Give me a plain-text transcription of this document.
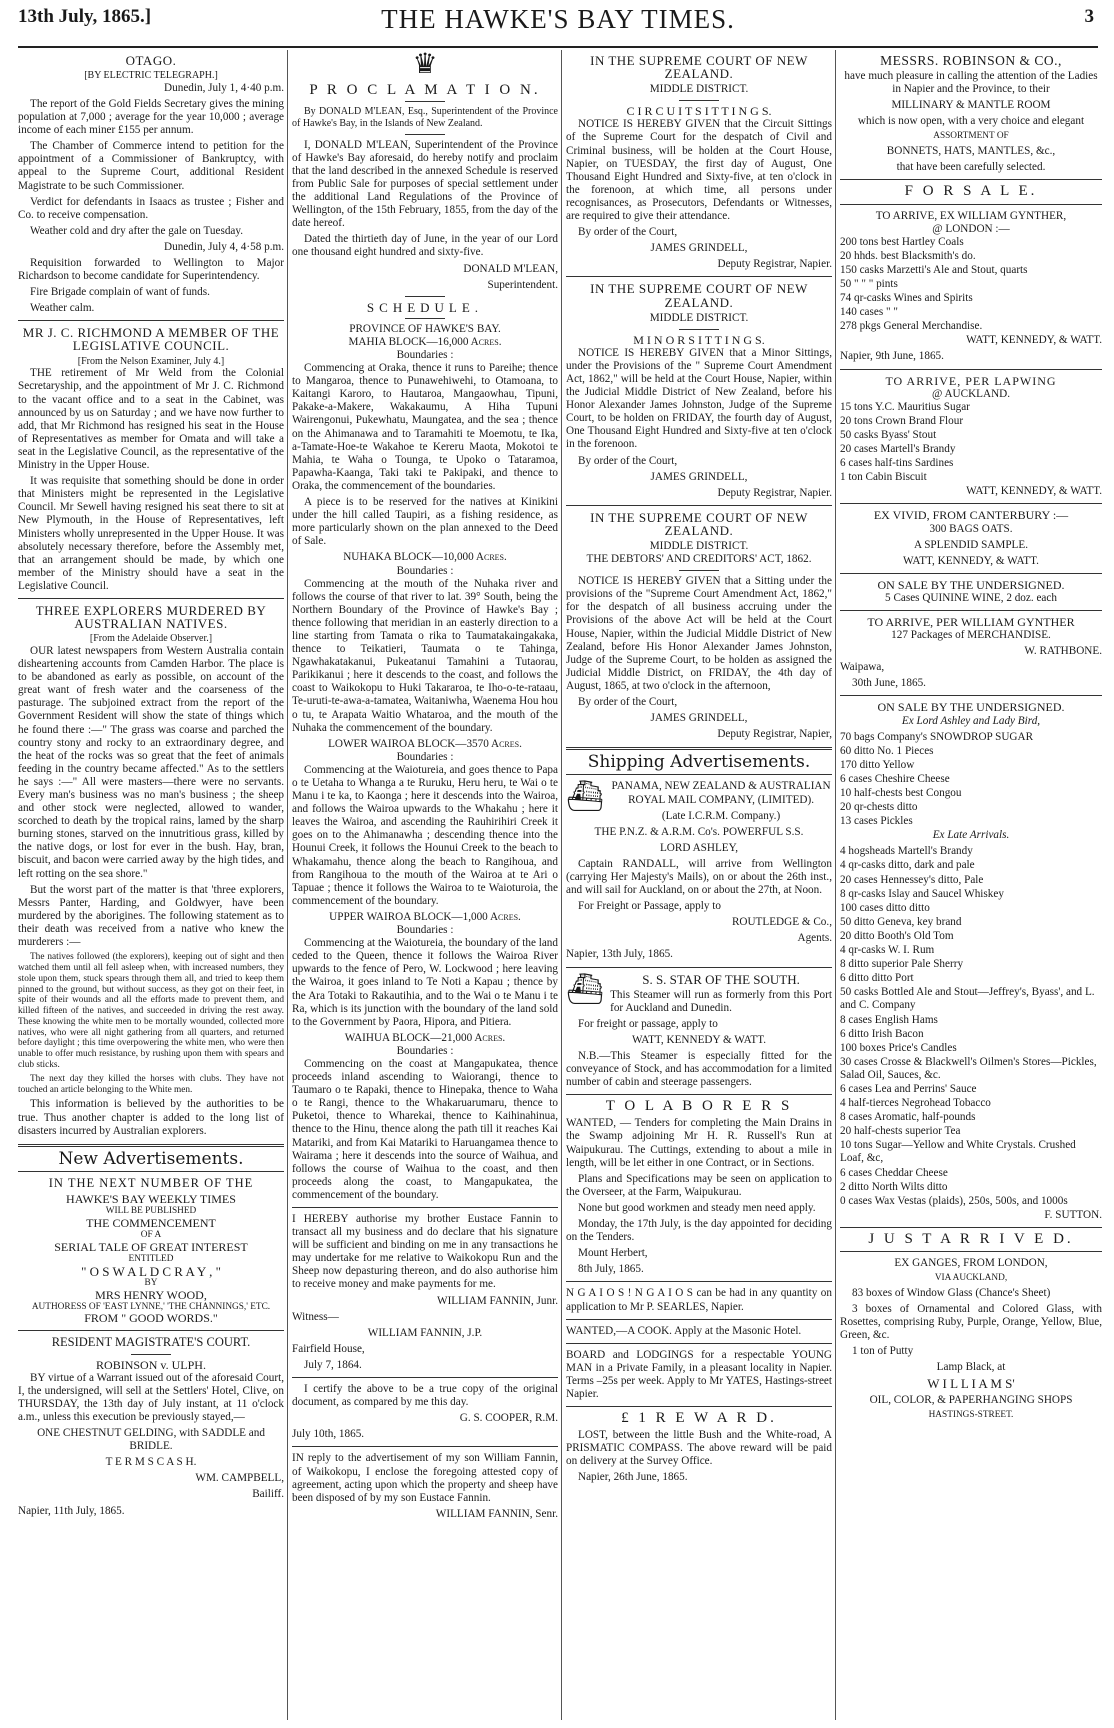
13th July, 1865.]	THE HAWKE'S BAY TIMES.	3
OTAGO.
[BY ELECTRIC TELEGRAPH.]

Dunedin, July 1, 4·40 p.m.

The report of the Gold Fields Secretary gives the mining population at 7,000 ; average for the year 10,000 ; average income of each miner £155 per annum.

The Chamber of Commerce intend to petition for the appointment of a Commissioner of Bankruptcy, with appeal to the Supreme Court, additional Resident Magistrate to be such Commissioner.

Verdict for defendants in Isaacs as trustee ; Fisher and Co. to receive compensation.

Weather cold and dry after the gale on Tuesday.

Dunedin, July 4, 4·58 p.m.

Requisition forwarded to Wellington to Major Richardson to become candidate for Superintendency.

Fire Brigade complain of want of funds.

Weather calm.

MR J. C. RICHMOND A MEMBER OF THE LEGISLATIVE COUNCIL.
[From the Nelson Examiner, July 4.]

THE retirement of Mr Weld from the Colonial Secretaryship, and the appointment of Mr J. C. Richmond to the vacant office and to a seat in the Cabinet, was announced by us on Saturday ; and we have now further to add, that Mr Richmond has resigned his seat in the House of Representatives as member for Omata and will take a seat in the Legislative Council, as the representative of the Ministry in the Upper House.

It was requisite that something should be done in order that Ministers might be represented in the Legislative Council. Mr Sewell having resigned his seat there to sit at New Plymouth, in the House of Representatives, left Ministers wholly unrepresented in the Upper House. It was absolutely necessary therefore, before the Assembly met, that an arrangement should be made, by which one member of the Ministry should have a seat in the Legislative Council.

THREE EXPLORERS MURDERED BY AUSTRALIAN NATIVES.
[From the Adelaide Observer.]

OUR latest newspapers from Western Australia contain disheartening accounts from Camden Harbor. The place is to be abandoned as early as possible, on account of the great want of fresh water and the coarseness of the pasturage. The subjoined extract from the report of the Government Resident will show the state of things which he found there :—" The grass was coarse and parched the country stony and rocky to an extraordinary degree, and the heat of the rocks was so great that the feet of animals feeding in the country became affected." As to the settlers he says :—" All were masters—there were no servants. Every man's business was no man's business ; the sheep and other stock were neglected, allowed to wander, scorched to death by the tropical rains, lamed by the sharp burning stones, starved on the innutritious grass, killed by the native dogs, or lost for ever in the bush. Hay, bran, biscuit, and bacon were carried away by the high tides, and left rotting on the sea shore."

But the worst part of the matter is that 'three explorers, Messrs Panter, Harding, and Goldwyer, have been murdered by the aborigines. The following statement as to their death was received from a native who knew the murderers :—

The natives followed (the explorers), keeping out of sight and then watched them until all fell asleep when, with increased numbers, they stole upon them, stuck spears through them all, and tried to keep them pinned to the ground, but without success, as they got on their feet, in spite of their wounds and all the efforts made to prevent them, and killed fifteen of the natives, and succeeded in driving the rest away. These knowing the white men to be mortally wounded, collected more natives, who were all night gathering from all quarters, and returned before daylight ; this time overpowering the white men, who were then unable to offer much resistance, by rushing upon them with spears and club sticks.

The next day they killed the horses with clubs. They have not touched an article belonging to the White men.

This information is believed by the authorities to be true. Thus another chapter is added to the long list of disasters incurred by Australian explorers.

New Advertisements.
IN THE NEXT NUMBER OF THE
HAWKE'S BAY WEEKLY TIMES
WILL BE PUBLISHED
THE COMMENCEMENT
OF A
SERIAL TALE OF GREAT INTEREST
ENTITLED
" O S W A L D C R A Y , "
BY
MRS HENRY WOOD,
AUTHORESS OF 'EAST LYNNE,' 'THE CHANNINGS,' ETC.
FROM " GOOD WORDS."
RESIDENT MAGISTRATE'S COURT.
ROBINSON v. ULPH.

BY virtue of a Warrant issued out of the aforesaid Court, I, the undersigned, will sell at the Settlers' Hotel, Clive, on THURSDAY, the 13th day of July instant, at 11 o'clock a.m., unless this execution be previously stayed,—

ONE CHESTNUT GELDING, with SADDLE and BRIDLE.

T E R M S C A S H.

WM. CAMPBELL,

Bailiff.

Napier, 11th July, 1865.

♛
P R O C L A M A T I O N.

By DONALD M'LEAN, Esq., Superintendent of the Province of Hawke's Bay, in the Islands of New Zealand.

I, DONALD M'LEAN, Superintendent of the Province of Hawke's Bay aforesaid, do hereby notify and proclaim that the land described in the annexed Schedule is reserved from Public Sale for purposes of special settlement under the additional Land Regulations of the Province of Wellington, of the 15th February, 1855, from the day of the date hereof.

Dated the thirtieth day of June, in the year of our Lord one thousand eight hundred and sixty-five.

DONALD M'LEAN,

Superintendent.

SCHEDULE.
PROVINCE OF HAWKE'S BAY.
MAHIA BLOCK—16,000 Acres.
Boundaries :

Commencing at Oraka, thence it runs to Pareihe; thence to Mangaroa, thence to Punawehiwehi, to Otamoana, to Kaitangi Karoro, to Hautaroa, Mangaowhau, Tipuni, Pakake-a-Makere, Wakakaumu, A Hiha Tupuni Wairengonui, Pukewhatu, Maungatea, and the sea ; thence on the Ahimanawa and to Taramahiti te Moemotu, te Ika, a-Tamate-Hoe-te Wakahoe te Kereru Maota, Mokotoi te Mahia, te Waha o Tounga, te Upoko o Tataramoa, Papawha-Kaanga, Taki taki te Pakipaki, and thence to Oraka, the commencement of the boundaries.

A piece is to be reserved for the natives at Kinikini under the hill called Taupiri, as a fishing residence, as more particularly shown on the plan annexed to the Deed of Sale.

NUHAKA BLOCK—10,000 Acres.
Boundaries :

Commencing at the mouth of the Nuhaka river and follows the course of that river to lat. 39° South, being the Northern Boundary of the Province of Hawke's Bay ; thence following that meridian in an easterly direction to a line starting from Tamata o rika to Taumatakaingakaka, thence to Teikatieri, Taumata o te Tahinga, Ngawhakatakanui, Pukeatanui Tamahini a Tutaorau, Parikikanui ; here it descends to the coast, and follows the coast to Waikokopu to Huki Takararoa, te Iho-o-te-rataau, Te-uruti-te-awa-a-tamatea, Waitaniwha, Waenema Hou hou o tu, te Arapata Waitio Whataroa, and the mouth of the Nuhaka the commencement of the boundary.

LOWER WAIROA BLOCK—3570 Acres.
Boundaries :

Commencing at the Waiotureia, and goes thence to Papa o te Uetaha to Whanga a te Ruruku, Heru heru, te Wai o te Manu i te ka, to Kaonga ; here it descends into the Wairoa, and follows the Wairoa upwards to the Whakahu ; here it leaves the Wairoa, and ascending the Rauhirihiri Creek it goes on to the Ahimanawha ; descending thence into the Hounui Creek, it follows the Hounui Creek to the beach to Whakamahu, thence along the beach to Rangihoua, and from Rangihoua to the mouth of the Wairoa at te Ari o Tapuae ; thence it follows the Wairoa to te Waioturoia, the commencement of the boundary.

UPPER WAIROA BLOCK—1,000 Acres.
Boundaries :

Commencing at the Waiotureia, the boundary of the land ceded to the Queen, thence it follows the Wairoa River upwards to the fence of Pero, W. Lockwood ; here leaving the Wairoa, it goes inland to Te Noti a Kapau ; thence by the Ara Totaki to Rakautihia, and to the Wai o te Manu i te Ra, which is its junction with the boundary of the land sold to the Government by Paora, Hipora, and Pitiera.

WAIHUA BLOCK—21,000 Acres.
Boundaries :

Commencing on the coast at Mangapukatea, thence proceeds inland ascending to Waiorangi, thence to Taumaro o te Rapaki, thence to Hinepaka, thence to Waha o te Rangi, thence to the Whakaruarumaru, thence to Puketoi, thence to Wharekai, thence to Kaihinahinua, thence to the Hinu, thence along the path till it reaches Kai Matariki, and from Kai Matariki to Haruangamea thence to Wairama ; here it descends into the source of Waihua, and follows the course of Waihua to the coast, and then proceeds along the coast, to Mangapukatea, the commencement of the boundary.

I HEREBY authorise my brother Eustace Fannin to transact all my business and do declare that his signature will be sufficient and binding on me in any transactions he may undertake for me relative to Waikokopu Run and the Sheep now depasturing thereon, and do also authorise him to receive money and make payments for me.

WILLIAM FANNIN, Junr.

Witness—

WILLIAM FANNIN, J.P.

Fairfield House,

July 7, 1864.

I certify the above to be a true copy of the original document, as compared by me this day.

G. S. COOPER, R.M.

July 10th, 1865.

IN reply to the advertisement of my son William Fannin, of Waikokopu, I enclose the foregoing attested copy of agreement, acting upon which the property and sheep have been disposed of by my son Eustace Fannin.

WILLIAM FANNIN, Senr.

IN THE SUPREME COURT OF NEW ZEALAND.
MIDDLE DISTRICT.
C I R C U I T S I T T I N G S.

NOTICE IS HEREBY GIVEN that the Circuit Sittings of the Supreme Court for the despatch of Civil and Criminal business, will be holden at the Court House, Napier, on TUESDAY, the first day of August, One Thousand Eight Hundred and Sixty-five, at ten o'clock in the forenoon, at which time, all persons under recognisances, as Prosecutors, Defendants or Witnesses, are required to give their attendance.

By order of the Court,

JAMES GRINDELL,

Deputy Registrar, Napier.

IN THE SUPREME COURT OF NEW ZEALAND.
MIDDLE DISTRICT.
M I N O R S I T T I N G S.

NOTICE IS HEREBY GIVEN that a Minor Sittings, under the Provisions of the " Supreme Court Amendment Act, 1862," will be held at the Court House, Napier, within the Judicial Middle District of New Zealand, before his Honor Alexander James Johnston, Judge of the Supreme Court, to be holden on FRIDAY, the fourth day of August, One Thousand Eight Hundred and Sixty-five at ten o'clock in the forenoon.

By order of the Court,

JAMES GRINDELL,

Deputy Registrar, Napier.

IN THE SUPREME COURT OF NEW ZEALAND.
MIDDLE DISTRICT.
THE DEBTORS' AND CREDITORS' ACT, 1862.

NOTICE IS HEREBY GIVEN that a Sitting under the provisions of the "Supreme Court Amendment Act, 1862," for the despatch of all business accruing under the Provisions of the above Act will be held at the Court House, Napier, within the Judicial Middle District of New Zealand, before His Honor Alexander James Johnston, Judge of the Supreme Court, to be holden as assigned the Judicial Middle District, on FRIDAY, the 4th day of August, 1865, at two o'clock in the afternoon,

By order of the Court,

JAMES GRINDELL,

Deputy Registrar, Napier,

Shipping Advertisements.
⛴ PANAMA, NEW ZEALAND & AUSTRALIAN ROYAL MAIL COMPANY, (LIMITED).

(Late I.C.R.M. Company.)

THE P.N.Z. & A.R.M. Co's. POWERFUL S.S.

LORD ASHLEY,

Captain RANDALL, will arrive from Wellington (carrying Her Majesty's Mails), on or about the 26th inst., and will sail for Auckland, on or about the 27th, at Noon.

For Freight or Passage, apply to

ROUTLEDGE & Co.,

Agents.

Napier, 13th July, 1865.

⛴	S. S. STAR OF THE SOUTH.

This Steamer will run as formerly from this Port for Auckland and Dunedin.

For freight or passage, apply to

WATT, KENNEDY & WATT.

N.B.—This Steamer is especially fitted for the conveyance of Stock, and has accommodation for a limited number of cabin and steerage passengers.

T O L A B O R E R S

WANTED, — Tenders for completing the Main Drains in the Swamp adjoining Mr H. R. Russell's Run at Waipukurau. The Cuttings, extending to about a mile in length, will be let either in one Contract, or in Sections.

Plans and Specifications may be seen on application to the Overseer, at the Farm, Waipukurau.

None but good workmen and steady men need apply.

Monday, the 17th July, is the day appointed for deciding on the Tenders.

Mount Herbert,

8th July, 1865.

N G A I O S ! N G A I O S can be had in any quantity on application to Mr P. SEARLES, Napier.

WANTED,—A COOK. Apply at the Masonic Hotel.

BOARD and LODGINGS for a respectable YOUNG MAN in a Private Family, in a pleasant locality in Napier. Terms –25s per week. Apply to Mr YATES, Hastings-street Napier.

£ 1 R E W A R D.

LOST, between the little Bush and the White-road, A PRISMATIC COMPASS. The above reward will be paid on delivery at the Survey Office.

Napier, 26th June, 1865.

MESSRS. ROBINSON & CO.,

have much pleasure in calling the attention of the Ladies in Napier and the Province, to their

MILLINARY & MANTLE ROOM

which is now open, with a very choice and elegant

ASSORTMENT OF

BONNETS, HATS, MANTLES, &c.,

that have been carefully selected.

F O R S A L E.
TO ARRIVE, EX WILLIAM GYNTHER,
@ LONDON :—

200 tons best Hartley Coals

20 hhds. best Blacksmith's do.

150 casks Marzetti's Ale and Stout, quarts

50 " " " pints

74 qr-casks Wines and Spirits

140 cases " "

278 pkgs General Merchandise.

WATT, KENNEDY, & WATT.

Napier, 9th June, 1865.

TO ARRIVE, PER LAPWING
@ AUCKLAND.

15 tons Y.C. Mauritius Sugar

20 tons Crown Brand Flour

50 casks Byass' Stout

20 cases Martell's Brandy

6 cases half-tins Sardines

1 ton Cabin Biscuit

WATT, KENNEDY, & WATT.

EX VIVID, FROM CANTERBURY :—

300 BAGS OATS.

A SPLENDID SAMPLE.

WATT, KENNEDY, & WATT.

ON SALE BY THE UNDERSIGNED.

5 Cases QUININE WINE, 2 doz. each

TO ARRIVE, PER WILLIAM GYNTHER

127 Packages of MERCHANDISE.

W. RATHBONE.

Waipawa,

30th June, 1865.

ON SALE BY THE UNDERSIGNED.

Ex Lord Ashley and Lady Bird,

70 bags Company's SNOWDROP SUGAR

60 ditto No. 1 Pieces

170 ditto Yellow

6 cases Cheshire Cheese

10 half-chests best Congou

20 qr-chests ditto

13 cases Pickles

Ex Late Arrivals.

4 hogsheads Martell's Brandy

4 qr-casks ditto, dark and pale

20 cases Hennessey's ditto, Pale

8 qr-casks Islay and Saucel Whiskey

100 cases ditto ditto

50 ditto Geneva, key brand

20 ditto Booth's Old Tom

4 qr-casks W. I. Rum

8 ditto superior Pale Sherry

6 ditto ditto Port

50 casks Bottled Ale and Stout—Jeffrey's, Byass', and L. and C. Company

8 cases English Hams

6 ditto Irish Bacon

100 boxes Price's Candles

30 cases Crosse & Blackwell's Oilmen's Stores—Pickles, Salad Oil, Sauces, &c.

6 cases Lea and Perrins' Sauce

4 half-tierces Negrohead Tobacco

8 cases Aromatic, half-pounds

20 half-chests superior Tea

10 tons Sugar—Yellow and White Crystals. Crushed Loaf, &c,

6 cases Cheddar Cheese

2 ditto North Wilts ditto

0 cases Wax Vestas (plaids), 250s, 500s, and 1000s

F. SUTTON.

J U S T A R R I V E D.

EX GANGES, FROM LONDON,

VIA AUCKLAND,

83 boxes of Window Glass (Chance's Sheet)

3 boxes of Ornamental and Colored Glass, with Rosettes, comprising Ruby, Purple, Orange, Yellow, Blue, Green, &c.

1 ton of Putty

Lamp Black, at

W I L L I A M S'

OIL, COLOR, & PAPERHANGING SHOPS

HASTINGS-STREET.
